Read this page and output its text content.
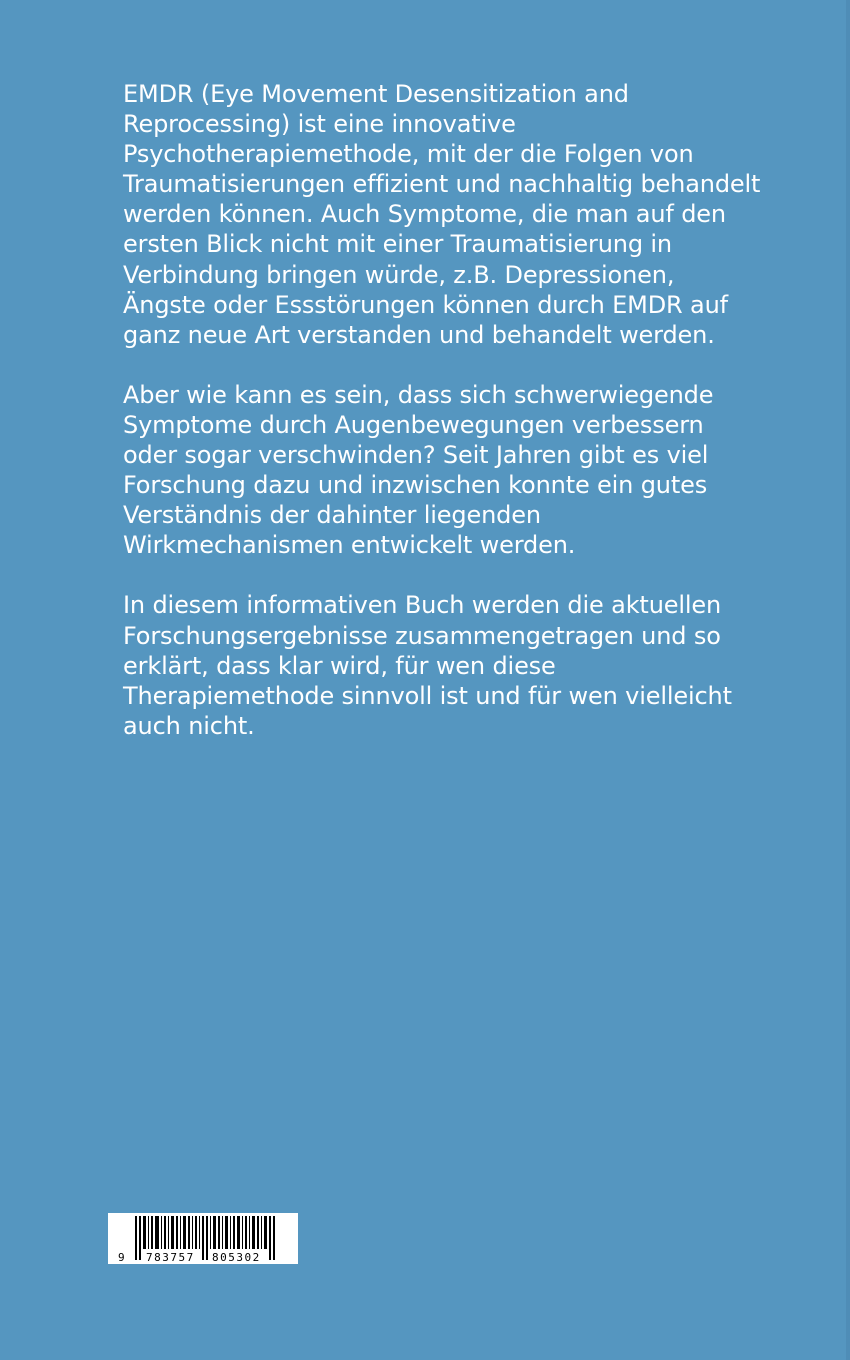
EMDR (Eye Movement Desensitization and Reprocessing) ist eine innovative Psychotherapiemethode, mit der die Folgen von Traumatisierungen effizient und nachhaltig behandelt werden können. Auch Symptome, die man auf den ersten Blick nicht mit einer Traumatisierung in Verbindung bringen würde, z.B. Depressionen, Ängste oder Essstörungen können durch EMDR auf ganz neue Art verstanden und behandelt werden.

Aber wie kann es sein, dass sich schwerwiegende Symptome durch Augenbewegungen verbessern oder sogar verschwinden? Seit Jahren gibt es viel Forschung dazu und inzwischen konnte ein gutes Verständnis der dahinter liegenden Wirkmechanismen entwickelt werden.

In diesem informativen Buch werden die aktuellen Forschungsergebnisse zusammengetragen und so erklärt, dass klar wird, für wen diese Therapiemethode sinnvoll ist und für wen vielleicht auch nicht.

9 783757 805302
